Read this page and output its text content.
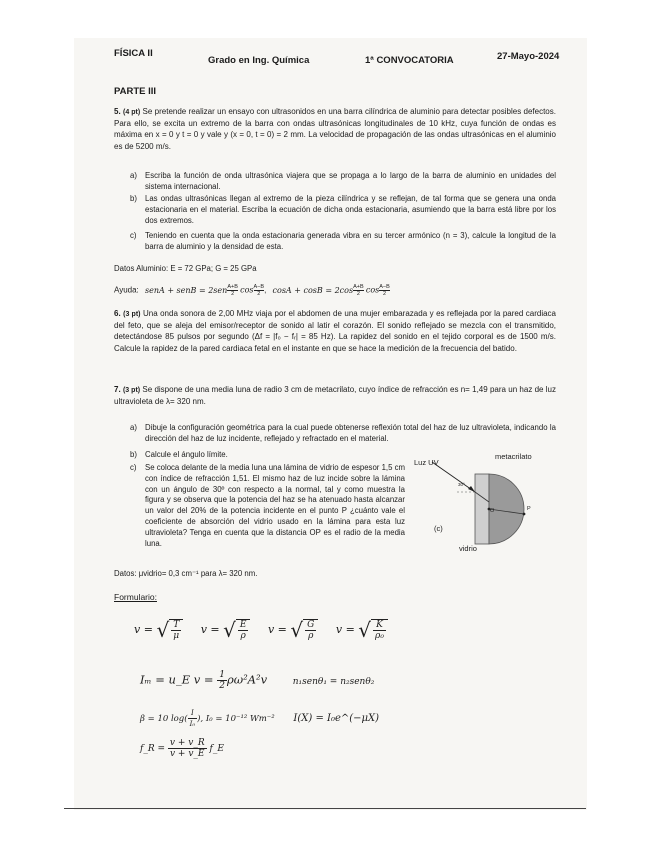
FÍSICA II
Grado en Ing. Química	1ª CONVOCATORIA	27-Mayo-2024
PARTE III

5. (4 pt) Se pretende realizar un ensayo con ultrasonidos en una barra cilíndrica de aluminio para detectar posibles defectos. Para ello, se excita un extremo de la barra con ondas ultrasónicas longitudinales de 10 kHz, cuya función de ondas es máxima en x = 0 y t = 0 y vale y (x = 0, t = 0) = 2 mm. La velocidad de propagación de las ondas ultrasónicas en el aluminio es de 5200 m/s.

a) Escriba la función de onda ultrasónica viajera que se propaga a lo largo de la barra de aluminio en unidades del sistema internacional.
b) Las ondas ultrasónicas llegan al extremo de la pieza cilíndrica y se reflejan, de tal forma que se genera una onda estacionaria en el material. Escriba la ecuación de dicha onda estacionaria, asumiendo que la barra está libre por los dos extremos.
c) Teniendo en cuenta que la onda estacionaria generada vibra en su tercer armónico (n = 3), calcule la longitud de la barra de aluminio y la densidad de esta.
Datos Aluminio: E = 72 GPa; G = 25 GPa
Ayuda: senA + senB = $2sen \frac{A+B}{2}$ $\cos \frac{A-B}{2}$ , $\cos A + \cos B = 2\cos \frac{A+B}{2}$ $\cos \frac{A-B}{2}$

6. (3 pt) Una onda sonora de 2,00 MHz viaja por el abdomen de una mujer embarazada y es reflejada por la pared cardiaca del feto, que se aleja del emisor/receptor de sonido al latir el corazón. El sonido reflejado se mezcla con el transmitido, detectándose 85 pulsos por segundo (Δf = |f₀ − fᵣ| = 85 Hz). La rapidez del sonido en el tejido corporal es de 1500 m/s. Calcule la rapidez de la pared cardiaca fetal en el instante en que se hace la medición de la frecuencia del batido.

7. (3 pt) Se dispone de una media luna de radio 3 cm de metacrilato, cuyo índice de refracción es n= 1,49 para un haz de luz ultravioleta de λ= 320 nm.

a) Dibuje la configuración geométrica para la cual puede obtenerse reflexión total del haz de luz ultravioleta, indicando la dirección del haz de luz incidente, reflejado y refractado en el material.
b) Calcule el ángulo límite.
c) Se coloca delante de la media luna una lámina de vidrio de espesor 1,5 cm con índice de refracción 1,51. El mismo haz de luz incide sobre la lámina con un ángulo de 30º con respecto a la normal, tal y como muestra la figura y se observa que la potencia del haz se ha atenuado hasta alcanzar un valor del 20% de la potencia incidente en el punto P ¿cuánto vale el coeficiente de absorción del vidrio usado en la lámina para esta luz ultravioleta? Tenga en cuenta que la distancia OP es el radio de la media luna.
Datos: μvidrio= 0,3 cm⁻¹ para λ= 320 nm.
Luz UV
metacrilato
vidrio
(c)
O	P
30°
Formulario:
v = √ $\frac{T}{\mu}$ v = √ $\frac{E}{\rho}$ v = √ $\frac{G}{\rho}$ v = √ $\frac{K}{\text{ρ₀}}$
Iₘ = u_E $v = \frac{1}{2} \rho\omega^2A^2v$	n₁senθ₁ = n₂senθ₂
β = 10 $\log( \frac{I}{\text{I₀}}$ ), I₀ = 10⁻¹² Wm⁻² I(X) = I₀e^(−μX)
f_R = $\frac{v + v\_R}{v + v\_E}$ f_E
